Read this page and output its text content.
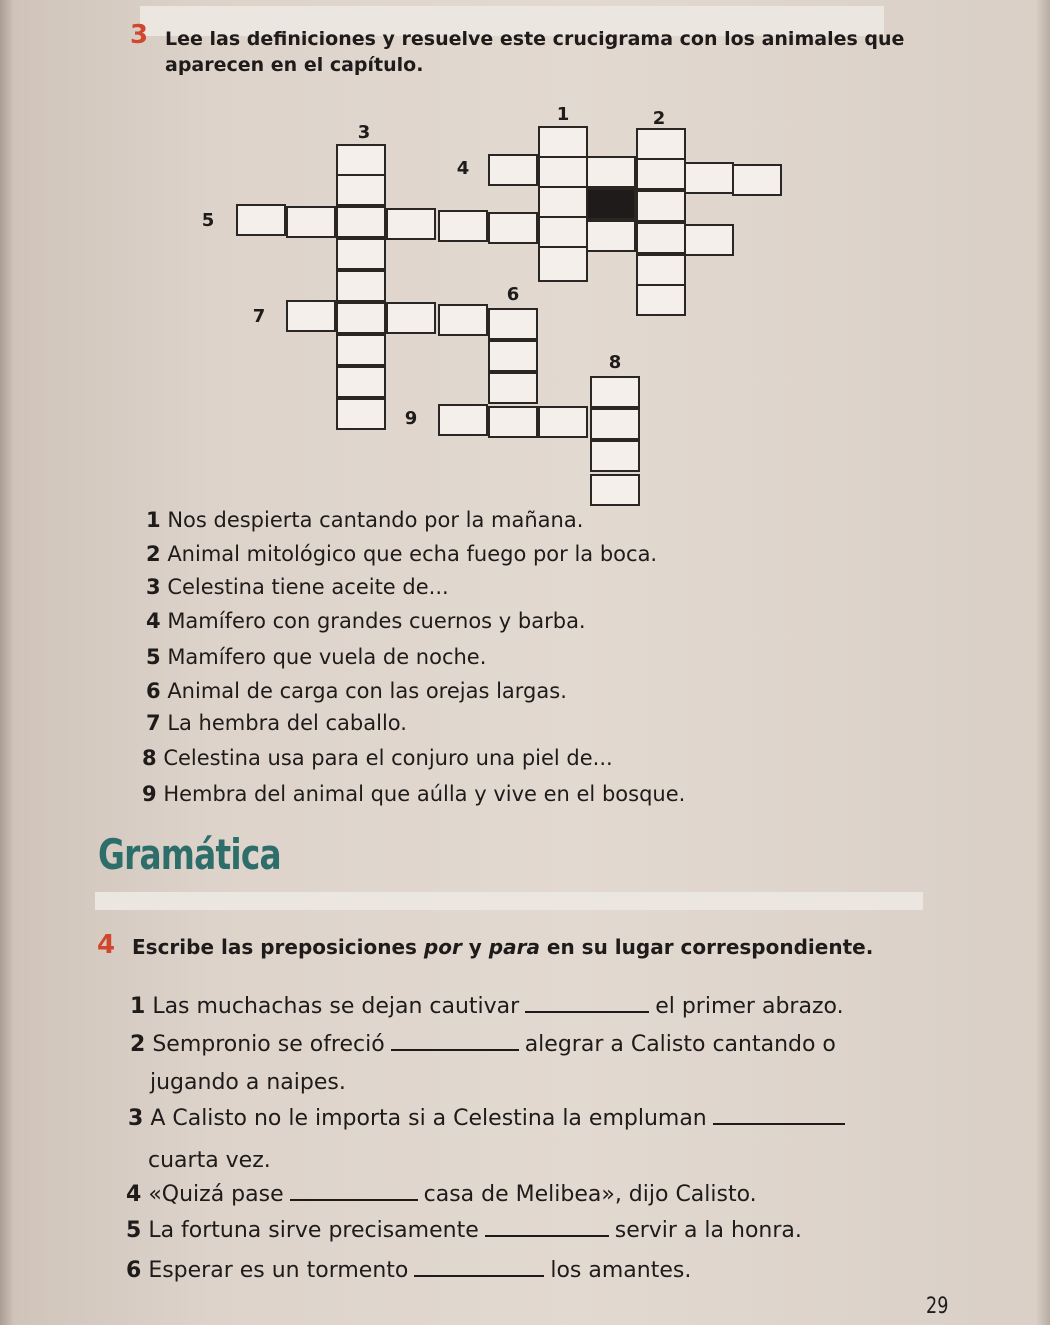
3 Lee las definiciones y resuelve este crucigrama con los animales que
aparecen en el capítulo.
1	2
3
4
5
6
7
8
9
1 Nos despierta cantando por la mañana.
2 Animal mitológico que echa fuego por la boca.
3 Celestina tiene aceite de...
4 Mamífero con grandes cuernos y barba.
5 Mamífero que vuela de noche.
6 Animal de carga con las orejas largas.
7 La hembra del caballo.
8 Celestina usa para el conjuro una piel de...
9 Hembra del animal que aúlla y vive en el bosque.
Gramática
4 Escribe las preposiciones por y para en su lugar correspondiente.
1 Las muchachas se dejan cautivar	el primer abrazo.
2 Sempronio se ofreció	alegrar a Calisto cantando o
jugando a naipes.
3 A Calisto no le importa si a Celestina la empluman
cuarta vez.
4 «Quizá pase	casa de Melibea», dijo Calisto.
5 La fortuna sirve precisamente	servir a la honra.
6 Esperar es un tormento	los amantes.
29
